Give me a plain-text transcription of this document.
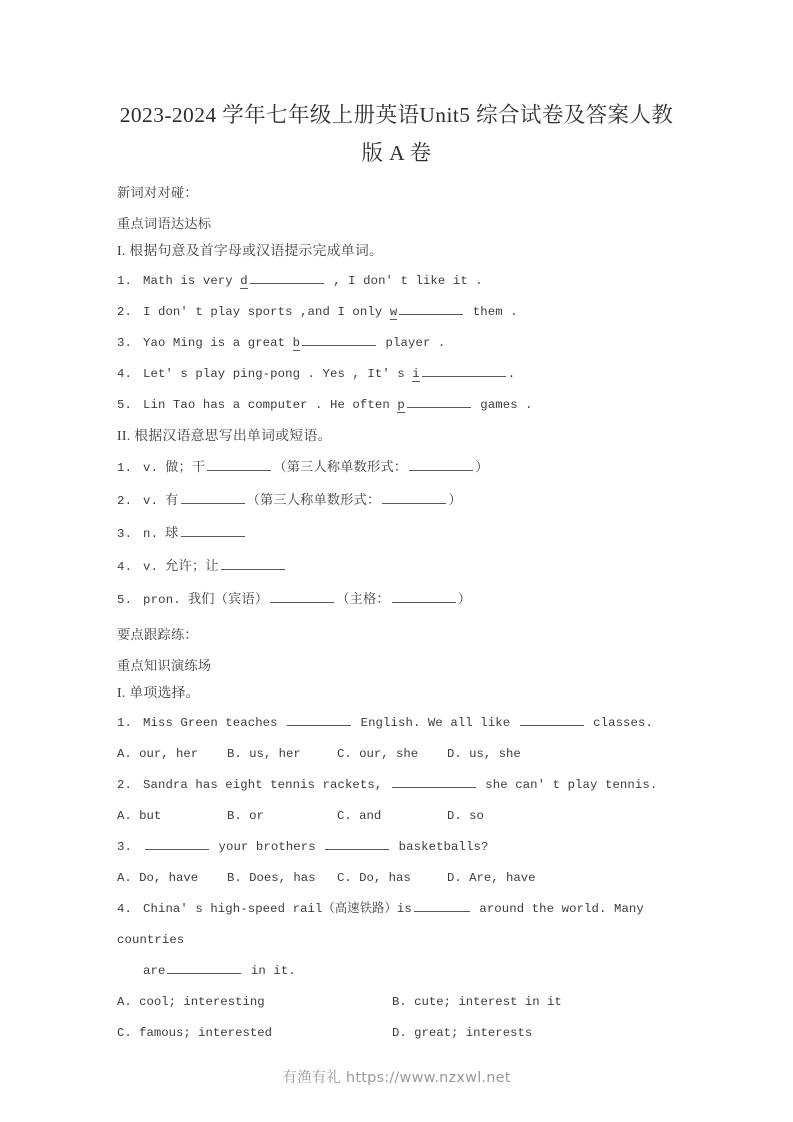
2023-2024 学年七年级上册英语Unit5 综合试卷及答案人教版 A 卷
新词对对碰：
重点词语达达标
I. 根据句意及首字母或汉语提示完成单词。
1. Math is very d	, I don' t like it .
2. I don' t play sports ,and I only w	them .
3. Yao Ming is a great b	player .
4. Let' s play ping-pong . Yes , It' s i	.
5. Lin Tao has a computer . He often p	games .
II. 根据汉语意思写出单词或短语。
1. v. 做；干	（第三人称单数形式：	）
2. v. 有	（第三人称单数形式：	）
3. n. 球
4. v. 允许；让
5. pron. 我们（宾语）	（主格：	）
要点跟踪练：
重点知识演练场
I. 单项选择。
1. Miss Green teaches	English. We all like	classes.
A. our, her B. us, her	C. our, she D. us, she
2. Sandra has eight tennis rackets,	she can' t play tennis.
A. but	B. or	C. and	D. so
3.	your brothers	basketballs?
A. Do, have B. Does, has C. Do, has	D. Are, have
4. China' s high-speed rail（高速铁路）is	around the world. Many countries
are	in it.
A. cool; interesting	B. cute; interest in it
C. famous; interested	D. great; interests
有渔有礼 https://www.nzxwl.net
